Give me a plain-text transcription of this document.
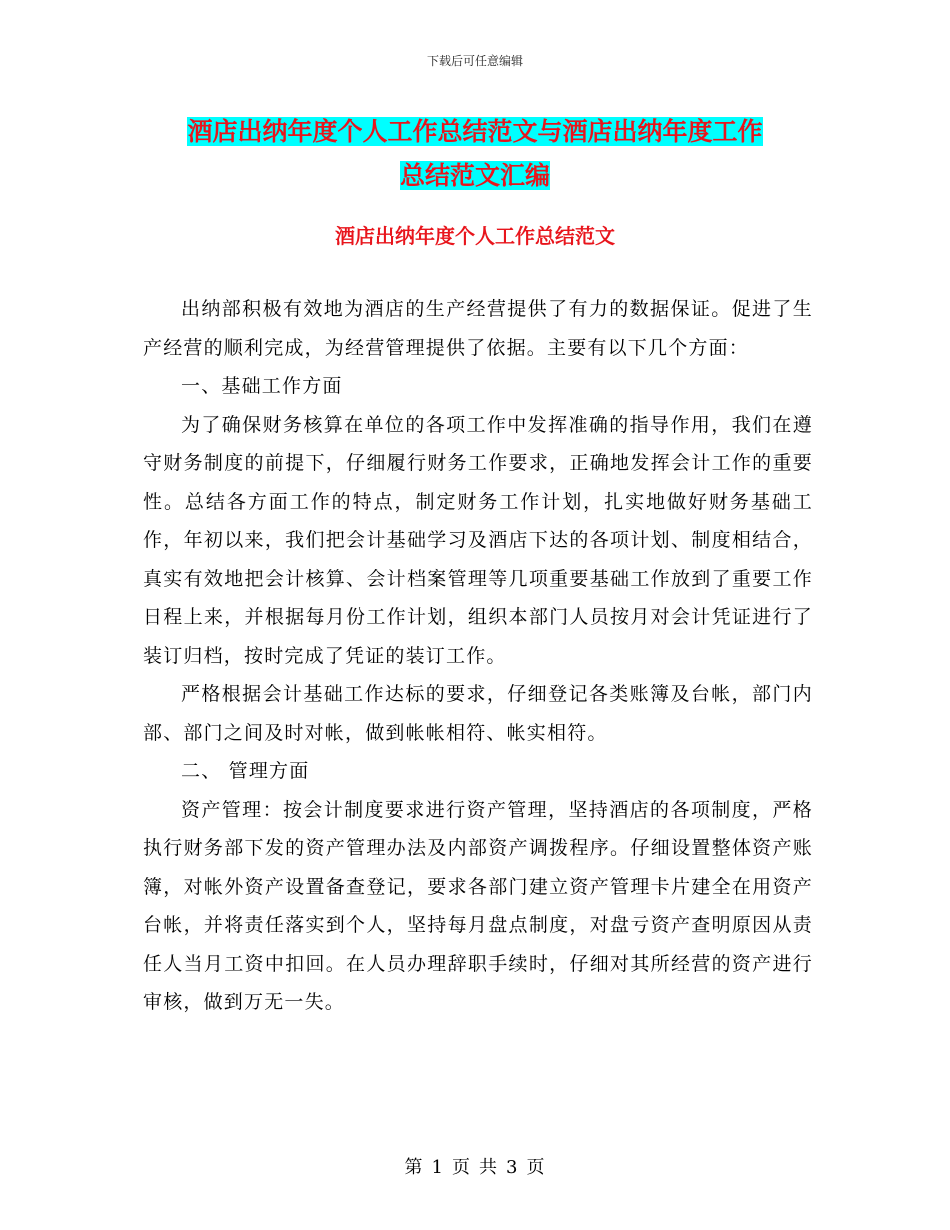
下载后可任意编辑
酒店出纳年度个人工作总结范文与酒店出纳年度工作
总结范文汇编
酒店出纳年度个人工作总结范文

出纳部积极有效地为酒店的生产经营提供了有力的数据保证。促进了生产经营的顺利完成，为经营管理提供了依据。主要有以下几个方面：

一、基础工作方面

为了确保财务核算在单位的各项工作中发挥准确的指导作用，我们在遵守财务制度的前提下，仔细履行财务工作要求，正确地发挥会计工作的重要性。总结各方面工作的特点，制定财务工作计划，扎实地做好财务基础工作，年初以来，我们把会计基础学习及酒店下达的各项计划、制度相结合，真实有效地把会计核算、会计档案管理等几项重要基础工作放到了重要工作日程上来，并根据每月份工作计划，组织本部门人员按月对会计凭证进行了装订归档，按时完成了凭证的装订工作。

严格根据会计基础工作达标的要求，仔细登记各类账簿及台帐，部门内部、部门之间及时对帐，做到帐帐相符、帐实相符。

二、 管理方面

资产管理：按会计制度要求进行资产管理，坚持酒店的各项制度，严格执行财务部下发的资产管理办法及内部资产调拨程序。仔细设置整体资产账簿，对帐外资产设置备查登记，要求各部门建立资产管理卡片建全在用资产台帐，并将责任落实到个人，坚持每月盘点制度，对盘亏资产查明原因从责任人当月工资中扣回。在人员办理辞职手续时，仔细对其所经营的资产进行审核，做到万无一失。

第 1 页 共 3 页
